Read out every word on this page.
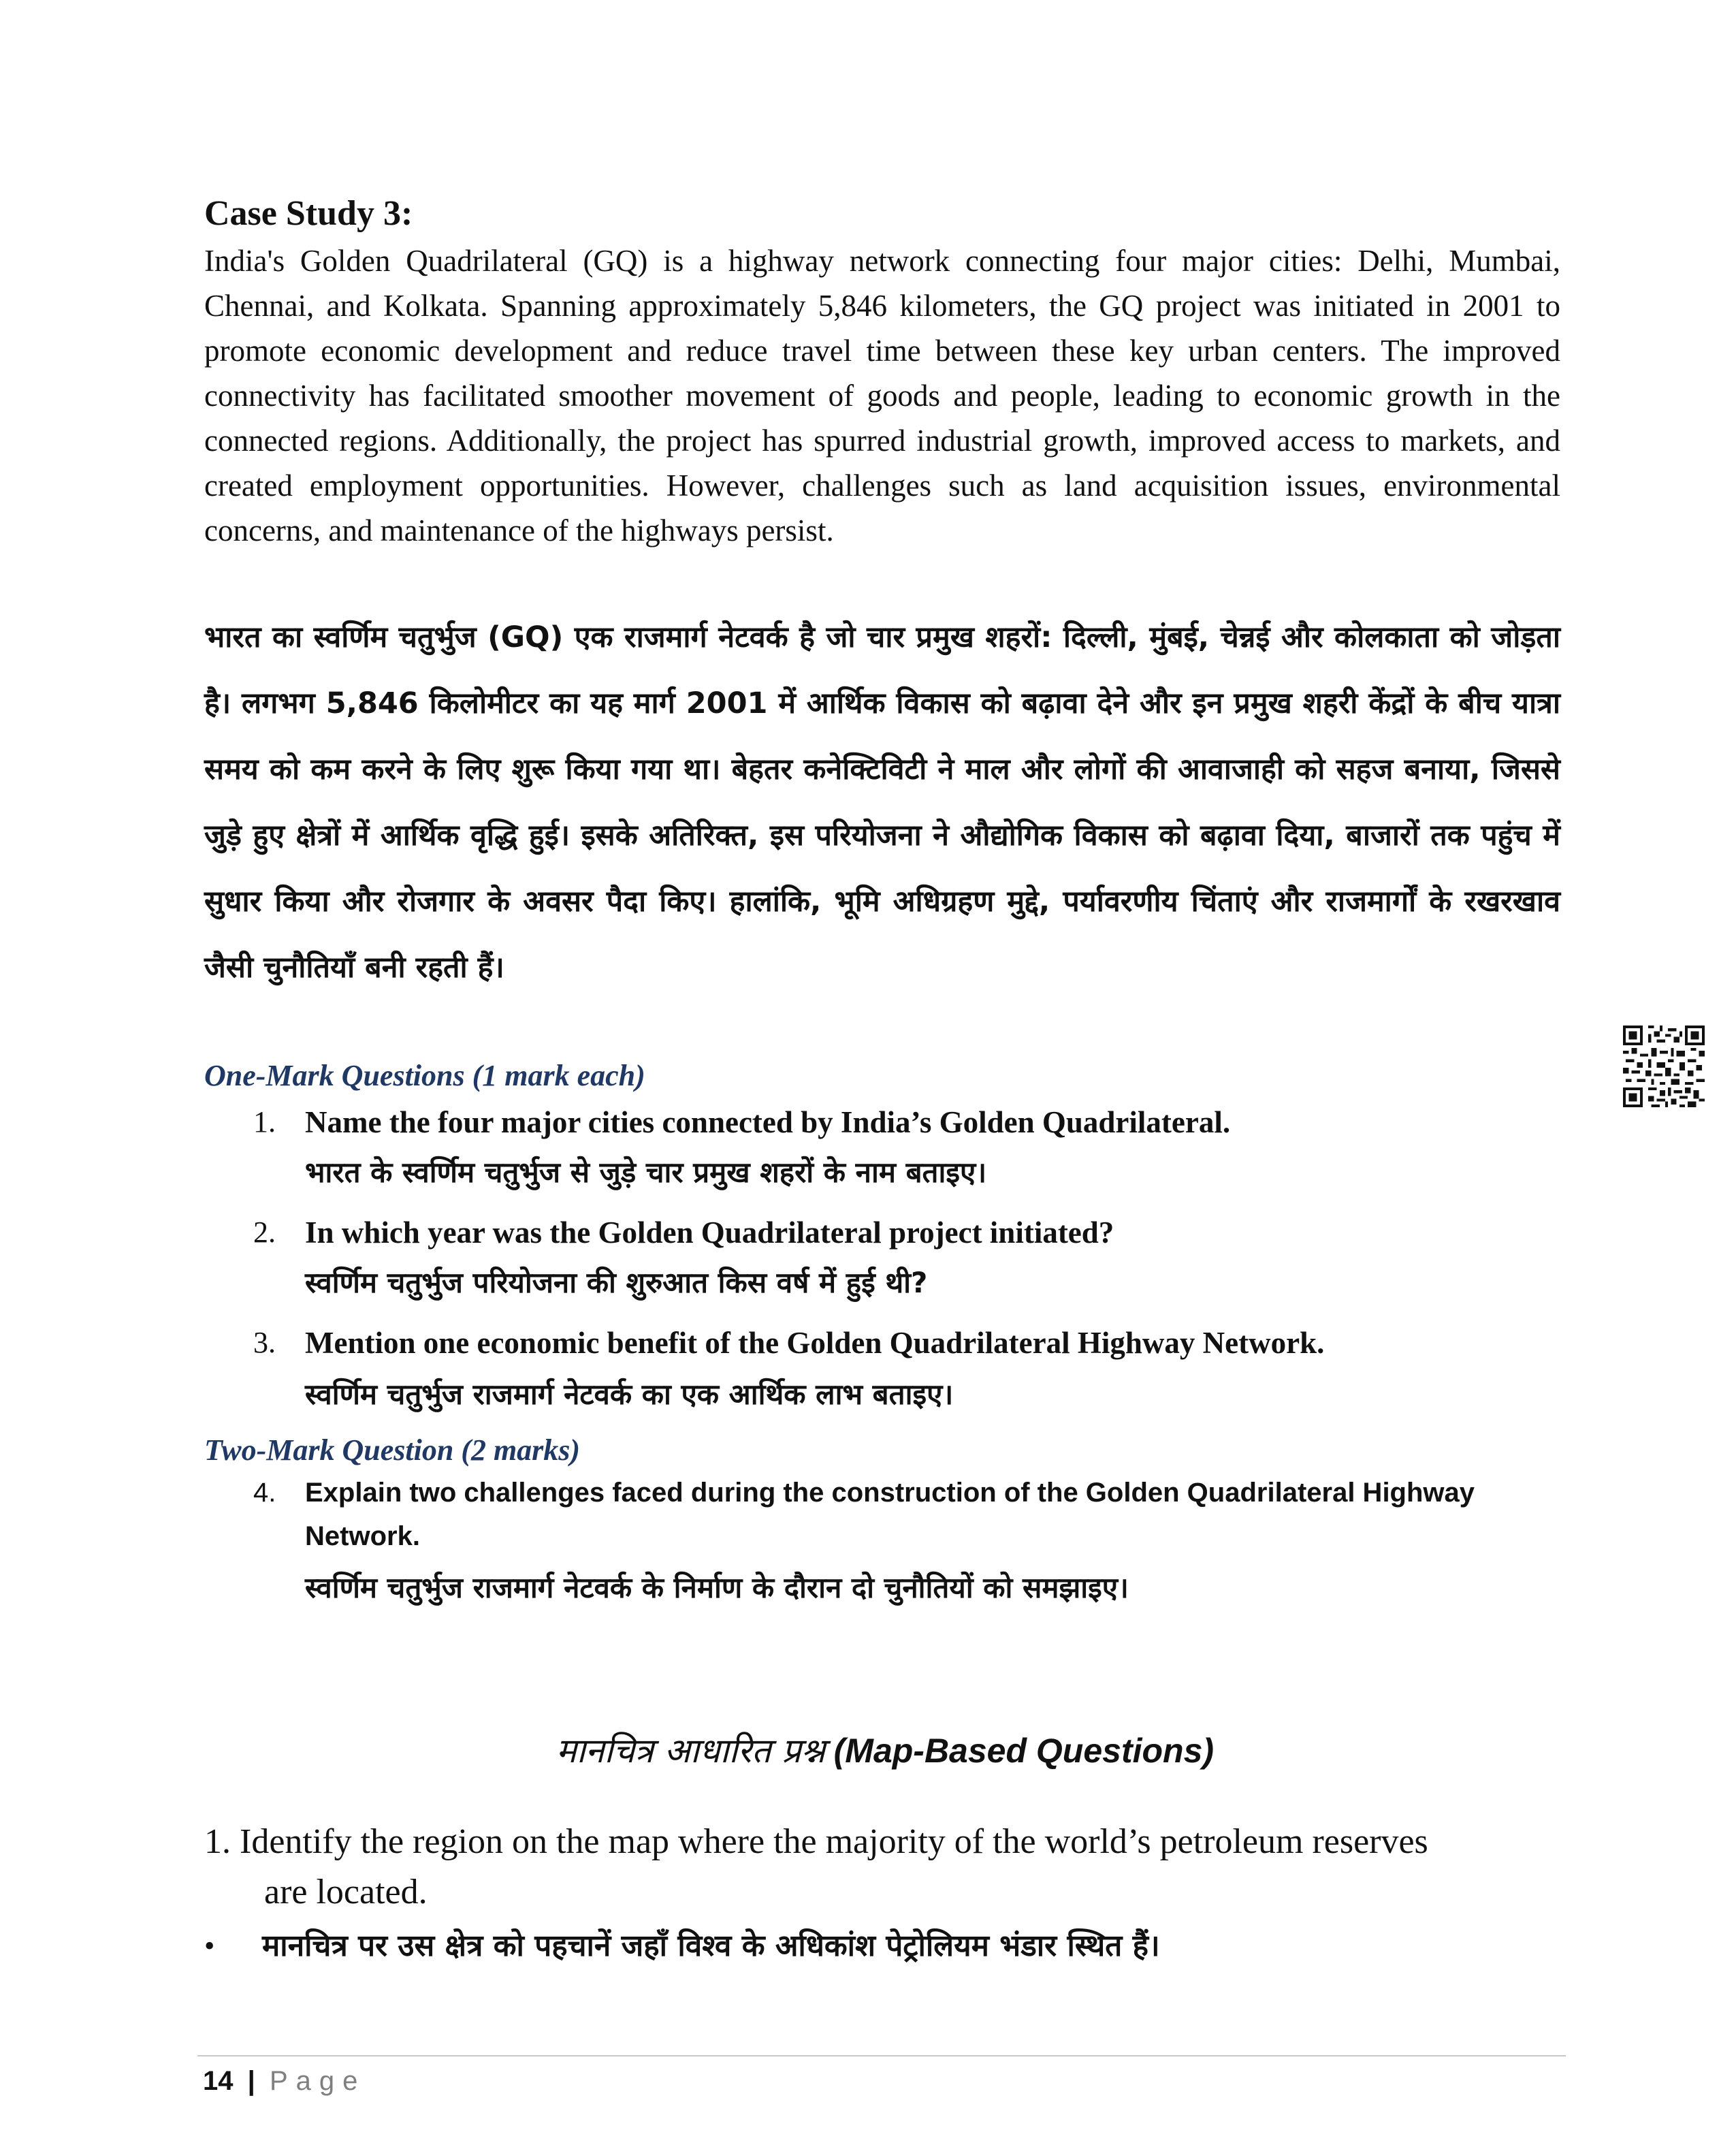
Case Study 3:
India's Golden Quadrilateral (GQ) is a highway network connecting four major cities: Delhi, Mumbai, Chennai, and Kolkata. Spanning approximately 5,846 kilometers, the GQ project was initiated in 2001 to promote economic development and reduce travel time between these key urban centers. The improved connectivity has facilitated smoother movement of goods and people, leading to economic growth in the connected regions. Additionally, the project has spurred industrial growth, improved access to markets, and created employment opportunities. However, challenges such as land acquisition issues, environmental concerns, and maintenance of the highways persist.
भारत का स्वर्णिम चतुर्भुज (GQ) एक राजमार्ग नेटवर्क है जो चार प्रमुख शहरों: दिल्ली, मुंबई, चेन्नई और कोलकाता को जोड़ता है। लगभग 5,846 किलोमीटर का यह मार्ग 2001 में आर्थिक विकास को बढ़ावा देने और इन प्रमुख शहरी केंद्रों के बीच यात्रा समय को कम करने के लिए शुरू किया गया था। बेहतर कनेक्टिविटी ने माल और लोगों की आवाजाही को सहज बनाया, जिससे जुड़े हुए क्षेत्रों में आर्थिक वृद्धि हुई। इसके अतिरिक्त, इस परियोजना ने औद्योगिक विकास को बढ़ावा दिया, बाजारों तक पहुंच में सुधार किया और रोजगार के अवसर पैदा किए। हालांकि, भूमि अधिग्रहण मुद्दे, पर्यावरणीय चिंताएं और राजमार्गों के रखरखाव जैसी चुनौतियाँ बनी रहती हैं।
One-Mark Questions (1 mark each)
1. Name the four major cities connected by India’s Golden Quadrilateral.
भारत के स्वर्णिम चतुर्भुज से जुड़े चार प्रमुख शहरों के नाम बताइए।
2. In which year was the Golden Quadrilateral project initiated?
स्वर्णिम चतुर्भुज परियोजना की शुरुआत किस वर्ष में हुई थी?
3. Mention one economic benefit of the Golden Quadrilateral Highway Network.
स्वर्णिम चतुर्भुज राजमार्ग नेटवर्क का एक आर्थिक लाभ बताइए।
Two-Mark Question (2 marks)
4. Explain two challenges faced during the construction of the Golden Quadrilateral Highway Network.
स्वर्णिम चतुर्भुज राजमार्ग नेटवर्क के निर्माण के दौरान दो चुनौतियों को समझाइए।
मानचित्र आधारित प्रश्न (Map-Based Questions)
1. Identify the region on the map where the majority of the world’s petroleum reserves
are located.
• मानचित्र पर उस क्षेत्र को पहचानें जहाँ विश्व के अधिकांश पेट्रोलियम भंडार स्थित हैं।
14 | Page
